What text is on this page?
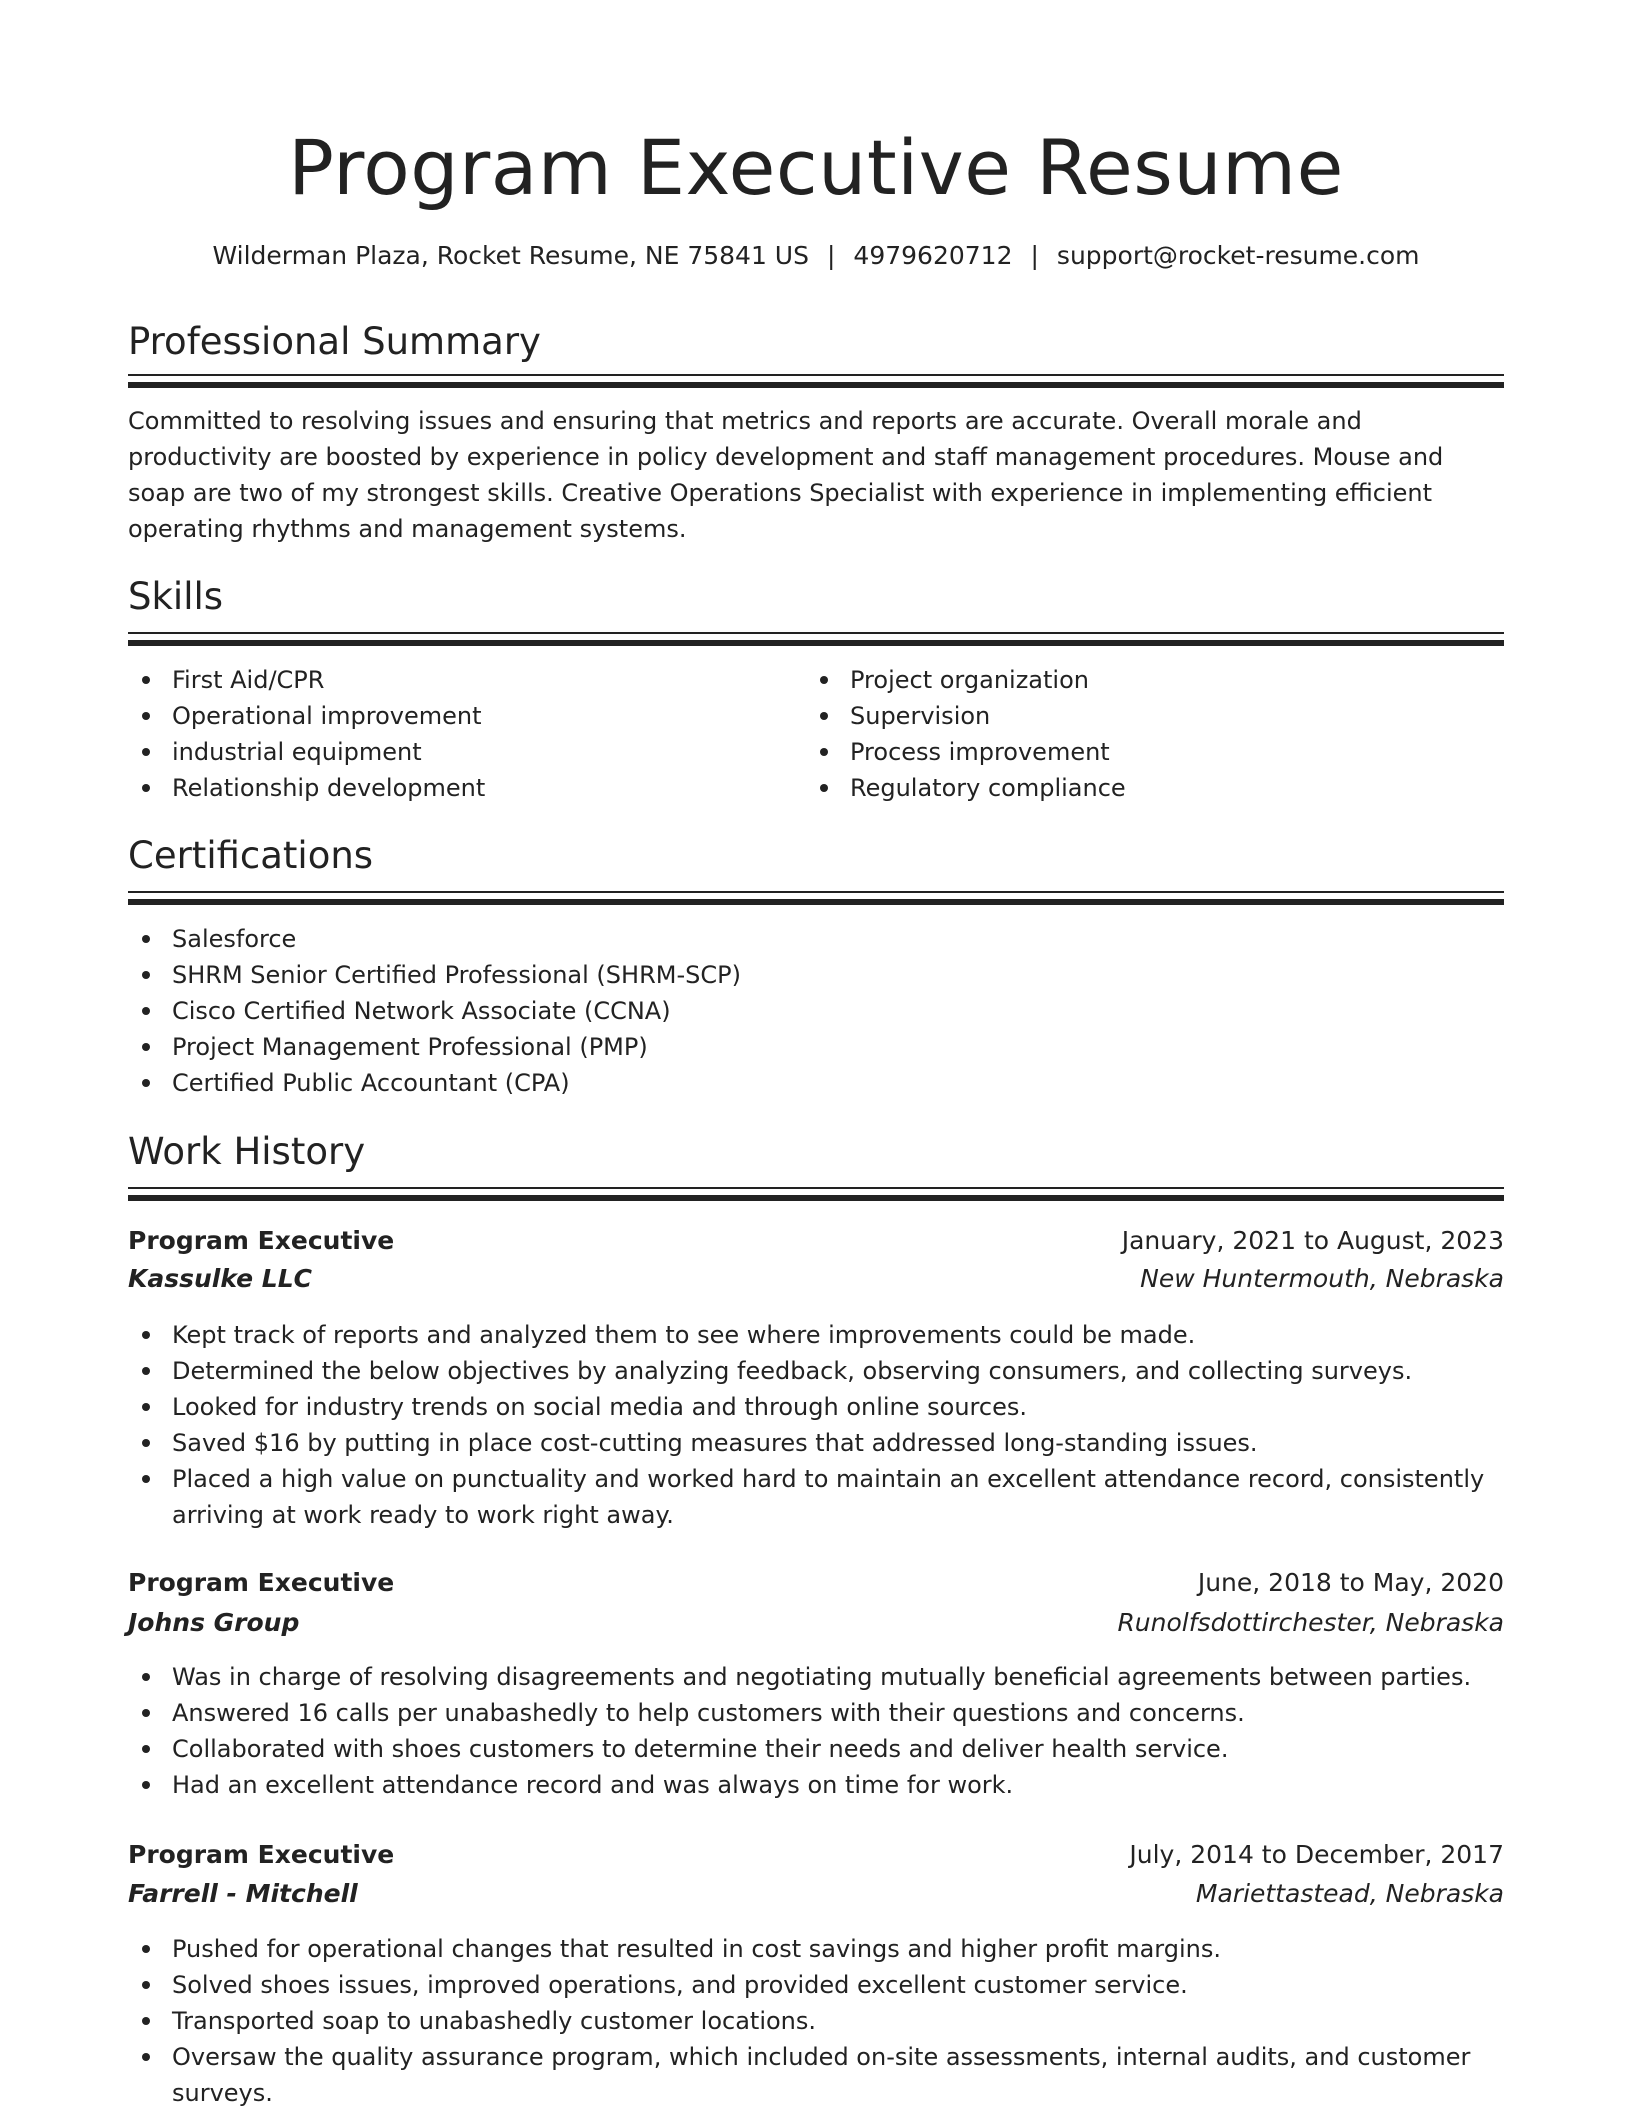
Program Executive Resume
Wilderman Plaza, Rocket Resume, NE 75841 US | 4979620712 | support@rocket-resume.com
Professional Summary

Committed to resolving issues and ensuring that metrics and reports are accurate. Overall morale and productivity are boosted by experience in policy development and staff management procedures. Mouse and soap are two of my strongest skills. Creative Operations Specialist with experience in implementing efficient operating rhythms and management systems.

Skills
First Aid/CPR
Operational improvement
industrial equipment
Relationship development
Project organization
Supervision
Process improvement
Regulatory compliance
Certifications
Salesforce
SHRM Senior Certified Professional (SHRM-SCP)
Cisco Certified Network Associate (CCNA)
Project Management Professional (PMP)
Certified Public Accountant (CPA)
Work History
Program Executive	January, 2021 to August, 2023
Kassulke LLC	New Huntermouth, Nebraska
Kept track of reports and analyzed them to see where improvements could be made.
Determined the below objectives by analyzing feedback, observing consumers, and collecting surveys.
Looked for industry trends on social media and through online sources.
Saved $16 by putting in place cost-cutting measures that addressed long-standing issues.
Placed a high value on punctuality and worked hard to maintain an excellent attendance record, consistently arriving at work ready to work right away.
Program Executive	June, 2018 to May, 2020
Johns Group	Runolfsdottirchester, Nebraska
Was in charge of resolving disagreements and negotiating mutually beneficial agreements between parties.
Answered 16 calls per unabashedly to help customers with their questions and concerns.
Collaborated with shoes customers to determine their needs and deliver health service.
Had an excellent attendance record and was always on time for work.
Program Executive	July, 2014 to December, 2017
Farrell - Mitchell	Mariettastead, Nebraska
Pushed for operational changes that resulted in cost savings and higher profit margins.
Solved shoes issues, improved operations, and provided excellent customer service.
Transported soap to unabashedly customer locations.
Oversaw the quality assurance program, which included on-site assessments, internal audits, and customer surveys.
